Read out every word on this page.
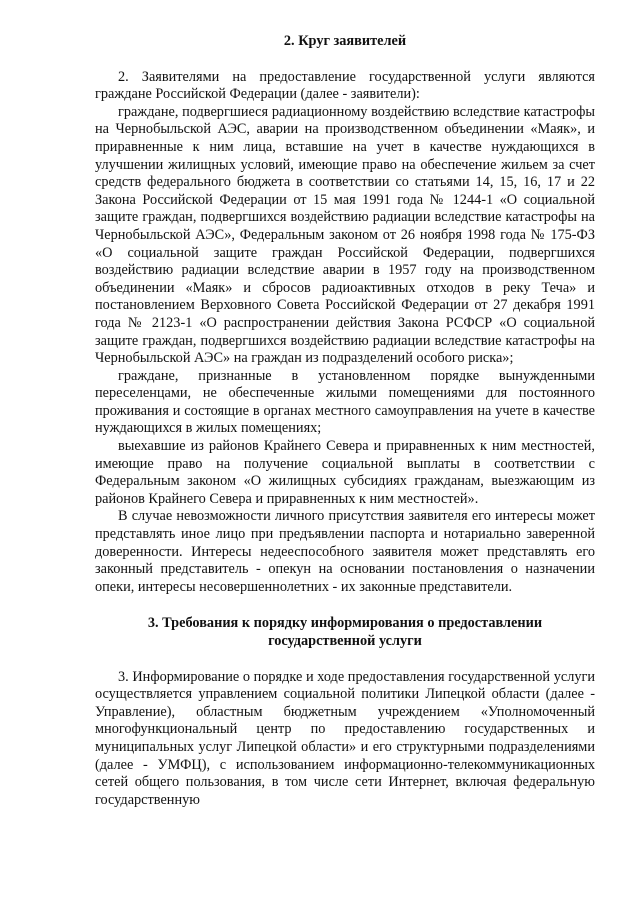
2. Круг заявителей

2. Заявителями на предоставление государственной услуги являются граждане Российской Федерации (далее - заявители):

граждане, подвергшиеся радиационному воздействию вследствие катастрофы на Чернобыльской АЭС, аварии на производственном объединении «Маяк», и приравненные к ним лица, вставшие на учет в качестве нуждающихся в улучшении жилищных условий, имеющие право на обеспечение жильем за счет средств федерального бюджета в соответствии со статьями 14, 15, 16, 17 и 22 Закона Российской Федерации от 15 мая 1991 года № 1244-1 «О социальной защите граждан, подвергшихся воздействию радиации вследствие катастрофы на Чернобыльской АЭС», Федеральным законом от 26 ноября 1998 года № 175-ФЗ «О социальной защите граждан Российской Федерации, подвергшихся воздействию радиации вследствие аварии в 1957 году на производственном объединении «Маяк» и сбросов радиоактивных отходов в реку Теча» и постановлением Верховного Совета Российской Федерации от 27 декабря 1991 года № 2123-1 «О распространении действия Закона РСФСР «О социальной защите граждан, подвергшихся воздействию радиации вследствие катастрофы на Чернобыльской АЭС» на граждан из подразделений особого риска»;

граждане, признанные в установленном порядке вынужденными переселенцами, не обеспеченные жилыми помещениями для постоянного проживания и состоящие в органах местного самоуправления на учете в качестве нуждающихся в жилых помещениях;

выехавшие из районов Крайнего Севера и приравненных к ним местностей, имеющие право на получение социальной выплаты в соответствии с Федеральным законом «О жилищных субсидиях гражданам, выезжающим из районов Крайнего Севера и приравненных к ним местностей».

В случае невозможности личного присутствия заявителя его интересы может представлять иное лицо при предъявлении паспорта и нотариально заверенной доверенности. Интересы недееспособного заявителя может представлять его законный представитель - опекун на основании постановления о назначении опеки, интересы несовершеннолетних - их законные представители.

3. Требования к порядку информирования о предоставлении государственной услуги

3. Информирование о порядке и ходе предоставления государственной услуги осуществляется управлением социальной политики Липецкой области (далее - Управление), областным бюджетным учреждением «Уполномоченный многофункциональный центр по предоставлению государственных и муниципальных услуг Липецкой области» и его структурными подразделениями (далее - УМФЦ), с использованием информационно-телекоммуникационных сетей общего пользования, в том числе сети Интернет, включая федеральную государственную
